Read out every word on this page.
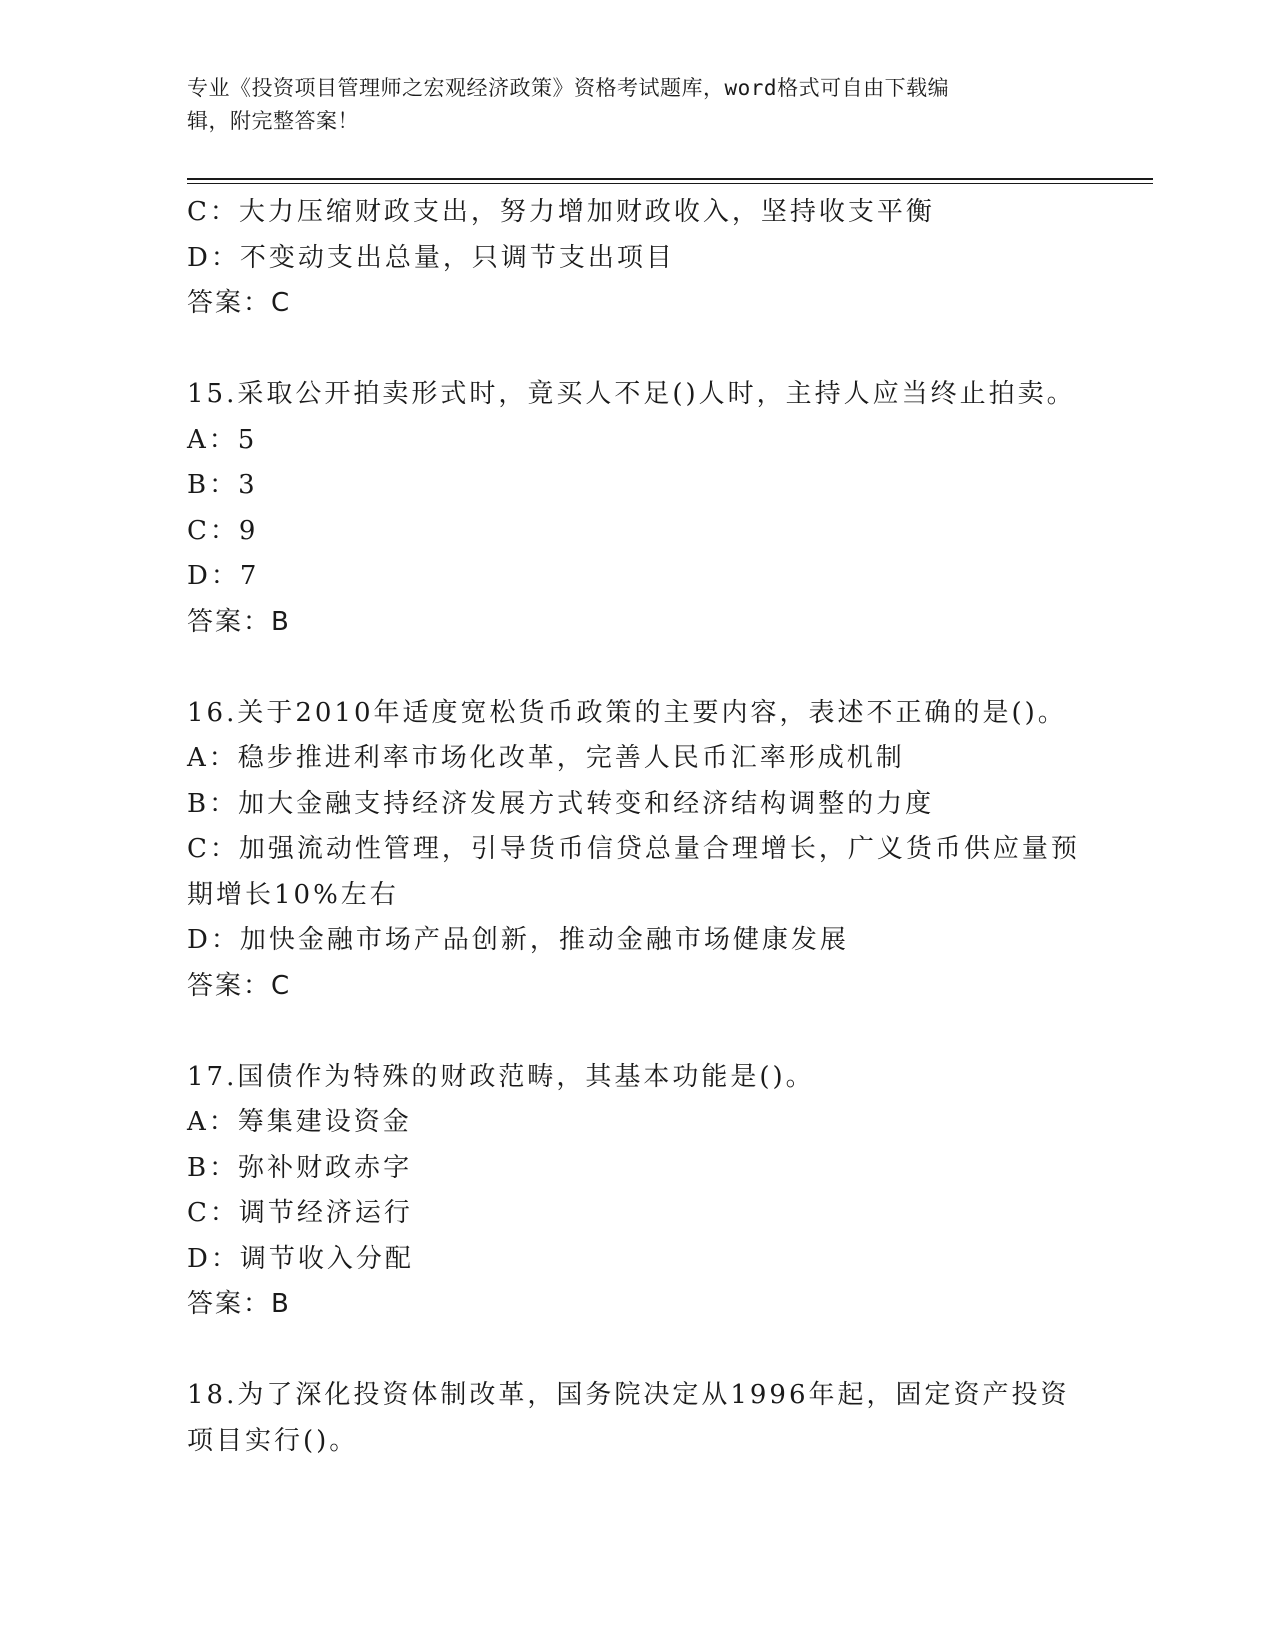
专业《投资项目管理师之宏观经济政策》资格考试题库，word格式可自由下载编
辑，附完整答案！
C：大力压缩财政支出，努力增加财政收入，坚持收支平衡
D：不变动支出总量，只调节支出项目
答案：C
15.采取公开拍卖形式时，竟买人不足()人时，主持人应当终止拍卖。
A：5
B：3
C：9
D：7
答案：B
16.关于2010年适度宽松货币政策的主要内容，表述不正确的是()。
A：稳步推进利率市场化改革，完善人民币汇率形成机制
B：加大金融支持经济发展方式转变和经济结构调整的力度
C：加强流动性管理，引导货币信贷总量合理增长，广义货币供应量预
期增长10%左右
D：加快金融市场产品创新，推动金融市场健康发展
答案：C
17.国债作为特殊的财政范畴，其基本功能是()。
A：筹集建设资金
B：弥补财政赤字
C：调节经济运行
D：调节收入分配
答案：B
18.为了深化投资体制改革，国务院决定从1996年起，固定资产投资
项目实行()。
